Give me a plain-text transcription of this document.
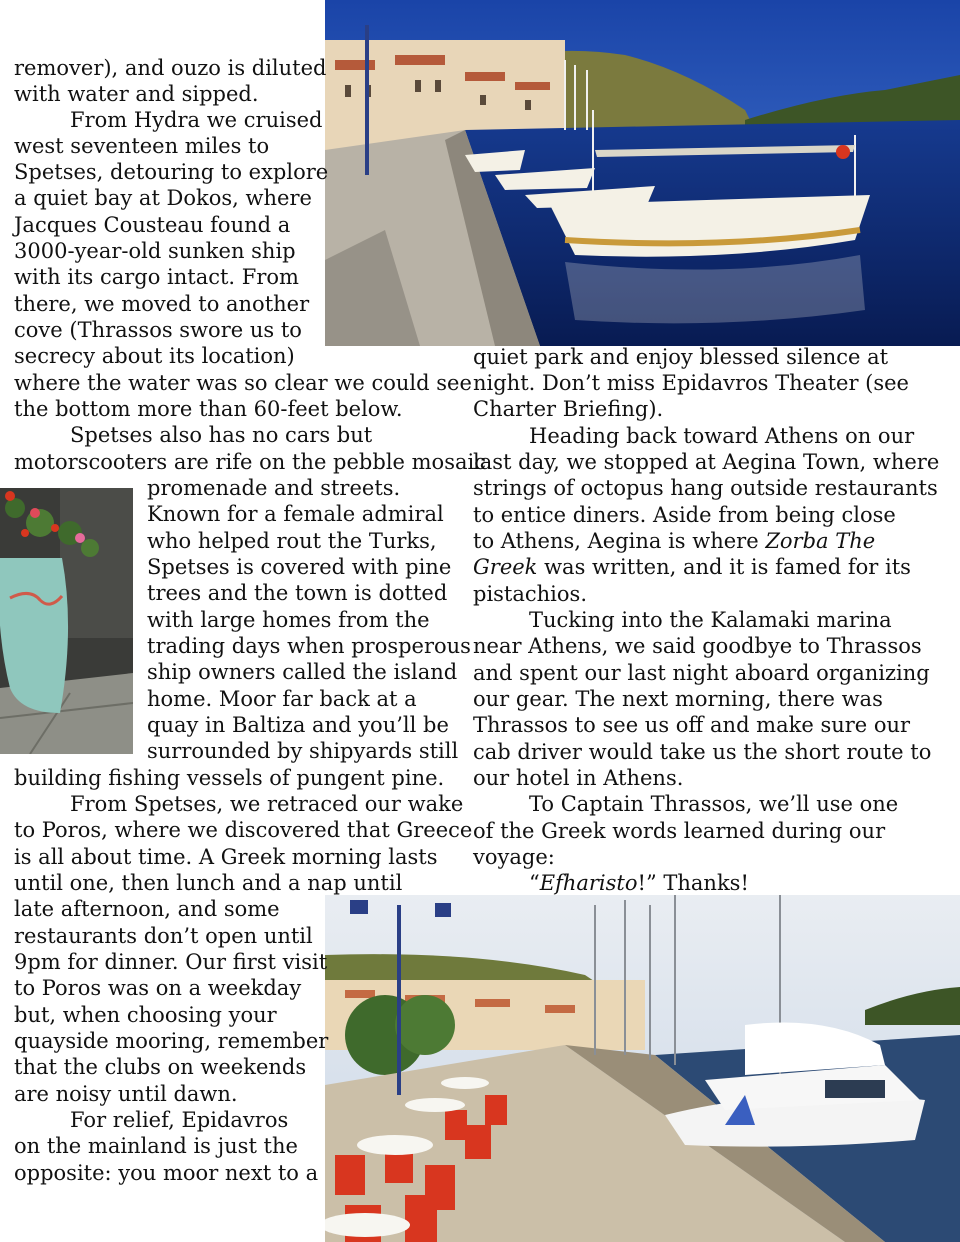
remover), and ouzo is diluted

with water and sipped.

From Hydra we cruised

west seventeen miles to

Spetses, detouring to explore

a quiet bay at Dokos, where

Jacques Cousteau found a

3000-year-old sunken ship

with its cargo intact. From

there, we moved to another

cove (Thrassos swore us to

secrecy about its location)

where the water was so clear we could see

the bottom more than 60-feet below.

Spetses also has no cars but

motorscooters are rife on the pebble mosaic

promenade and streets.

Known for a female admiral

who helped rout the Turks,

Spetses is covered with pine

trees and the town is dotted

with large homes from the

trading days when prosperous

ship owners called the island

home. Moor far back at a

quay in Baltiza and you’ll be

surrounded by shipyards still

building fishing vessels of pungent pine.

From Spetses, we retraced our wake

to Poros, where we discovered that Greece

is all about time. A Greek morning lasts

until one, then lunch and a nap until

late afternoon, and some

restaurants don’t open until

9pm for dinner. Our first visit

to Poros was on a weekday

but, when choosing your

quayside mooring, remember

that the clubs on weekends

are noisy until dawn.

For relief, Epidavros

on the mainland is just the

opposite: you moor next to a

quiet park and enjoy blessed silence at

night. Don’t miss Epidavros Theater (see

Charter Briefing).

Heading back toward Athens on our

last day, we stopped at Aegina Town, where

strings of octopus hang outside restaurants

to entice diners. Aside from being close

to Athens, Aegina is where Zorba The

Greek was written, and it is famed for its

pistachios.

Tucking into the Kalamaki marina

near Athens, we said goodbye to Thrassos

and spent our last night aboard organizing

our gear. The next morning, there was

Thrassos to see us off and make sure our

cab driver would take us the short route to

our hotel in Athens.

To Captain Thrassos, we’ll use one

of the Greek words learned during our

voyage:

“Efharisto!” Thanks!
